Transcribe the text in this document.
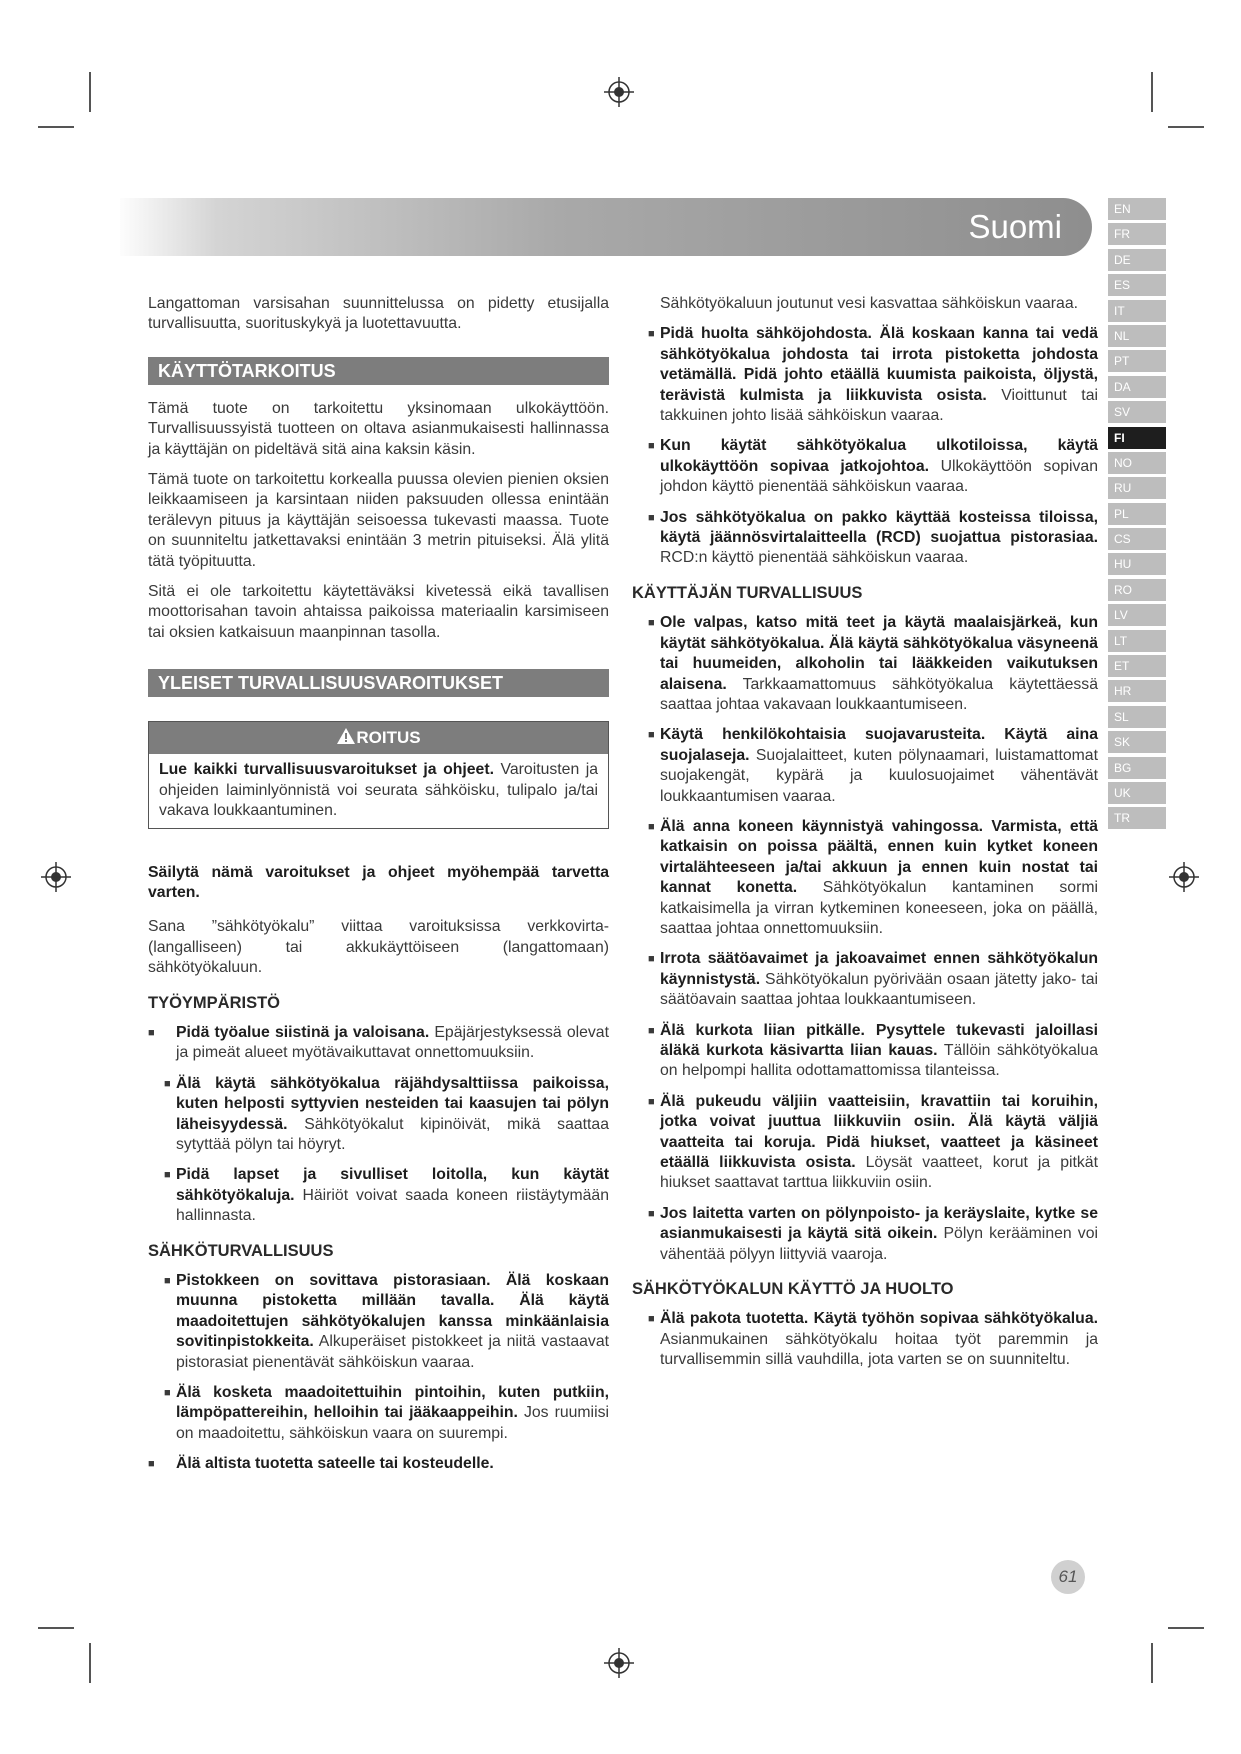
Suomi	EN
FR
DE
ES
IT
NL
PT
DA
SV
FI
NO
RU
PL
CS
HU
RO
LV
LT
ET
HR
SL
SK
BG
UK
TR

Langattoman varsisahan suunnittelussa on pidetty etusijalla turvallisuutta, suorituskykyä ja luotettavuutta.

KÄYTTÖTARKOITUS

Tämä tuote on tarkoitettu yksinomaan ulkokäyttöön. Turvallisuussyistä tuotteen on oltava asianmukaisesti hallinnassa ja käyttäjän on pideltävä sitä aina kaksin käsin.

Tämä tuote on tarkoitettu korkealla puussa olevien pienien oksien leikkaamiseen ja karsintaan niiden paksuuden ollessa enintään terälevyn pituus ja käyttäjän seisoessa tukevasti maassa. Tuote on suunniteltu jatkettavaksi enintään 3 metrin pituiseksi. Älä ylitä tätä työpituutta.

Sitä ei ole tarkoitettu käytettäväksi kivetessä eikä tavallisen moottorisahan tavoin ahtaissa paikoissa materiaalin karsimiseen tai oksien katkaisuun maanpinnan tasolla.

YLEISET TURVALLISUUSVAROITUKSET
ROITUS
Lue kaikki turvallisuusvaroitukset ja ohjeet. Varoitusten ja ohjeiden laiminlyönnistä voi seurata sähköisku, tulipalo ja/tai vakava loukkaantuminen.

Säilytä nämä varoitukset ja ohjeet myöhempää tarvetta varten.

Sana ”sähkötyökalu” viittaa varoituksissa verkkovirta- (langalliseen) tai akkukäyttöiseen (langattomaan) sähkötyökaluun.

TYÖYMPÄRISTÖ
■ Pidä työalue siistinä ja valoisana. Epäjärjestyksessä olevat ja pimeät alueet myötävaikuttavat onnettomuuksiin.
■ Älä käytä sähkötyökalua räjähdysalttiissa paikoissa, kuten helposti syttyvien nesteiden tai kaasujen tai pölyn läheisyydessä. Sähkötyökalut kipinöivät, mikä saattaa sytyttää pölyn tai höyryt.
■ Pidä lapset ja sivulliset loitolla, kun käytät sähkötyökaluja. Häiriöt voivat saada koneen riistäytymään hallinnasta.
SÄHKÖTURVALLISUUS
■ Pistokkeen on sovittava pistorasiaan. Älä koskaan muunna pistoketta millään tavalla. Älä käytä maadoitettujen sähkötyökalujen kanssa minkäänlaisia sovitinpistokkeita. Alkuperäiset pistokkeet ja niitä vastaavat pistorasiat pienentävät sähköiskun vaaraa.
■ Älä kosketa maadoitettuihin pintoihin, kuten putkiin, lämpöpattereihin, helloihin tai jääkaappeihin. Jos ruumiisi on maadoitettu, sähköiskun vaara on suurempi.
■ Älä altista tuotetta sateelle tai kosteudelle.

Sähkötyökaluun joutunut vesi kasvattaa sähköiskun vaaraa.

■ Pidä huolta sähköjohdosta. Älä koskaan kanna tai vedä sähkötyökalua johdosta tai irrota pistoketta johdosta vetämällä. Pidä johto etäällä kuumista paikoista, öljystä, terävistä kulmista ja liikkuvista osista. Vioittunut tai takkuinen johto lisää sähköiskun vaaraa.
■ Kun käytät sähkötyökalua ulkotiloissa, käytä ulkokäyttöön sopivaa jatkojohtoa. Ulkokäyttöön sopivan johdon käyttö pienentää sähköiskun vaaraa.
■ Jos sähkötyökalua on pakko käyttää kosteissa tiloissa, käytä jäännösvirtalaitteella (RCD) suojattua pistorasiaa. RCD:n käyttö pienentää sähköiskun vaaraa.
KÄYTTÄJÄN TURVALLISUUS
■ Ole valpas, katso mitä teet ja käytä maalaisjärkeä, kun käytät sähkötyökalua. Älä käytä sähkötyökalua väsyneenä tai huumeiden, alkoholin tai lääkkeiden vaikutuksen alaisena. Tarkkaamattomuus sähkötyökalua käytettäessä saattaa johtaa vakavaan loukkaantumiseen.
■ Käytä henkilökohtaisia suojavarusteita. Käytä aina suojalaseja. Suojalaitteet, kuten pölynaamari, luistamattomat suojakengät, kypärä ja kuulosuojaimet vähentävät loukkaantumisen vaaraa.
■ Älä anna koneen käynnistyä vahingossa. Varmista, että katkaisin on poissa päältä, ennen kuin kytket koneen virtalähteeseen ja/tai akkuun ja ennen kuin nostat tai kannat konetta. Sähkötyökalun kantaminen sormi katkaisimella ja virran kytkeminen koneeseen, joka on päällä, saattaa johtaa onnettomuuksiin.
■ Irrota säätöavaimet ja jakoavaimet ennen sähkötyökalun käynnistystä. Sähkötyökalun pyörivään osaan jätetty jako- tai säätöavain saattaa johtaa loukkaantumiseen.
■ Älä kurkota liian pitkälle. Pysyttele tukevasti jaloillasi äläkä kurkota käsivartta liian kauas. Tällöin sähkötyökalua on helpompi hallita odottamattomissa tilanteissa.
■ Älä pukeudu väljiin vaatteisiin, kravattiin tai koruihin, jotka voivat juuttua liikkuviin osiin. Älä käytä väljiä vaatteita tai koruja. Pidä hiukset, vaatteet ja käsineet etäällä liikkuvista osista. Löysät vaatteet, korut ja pitkät hiukset saattavat tarttua liikkuviin osiin.
■ Jos laitetta varten on pölynpoisto- ja keräyslaite, kytke se asianmukaisesti ja käytä sitä oikein. Pölyn kerääminen voi vähentää pölyyn liittyviä vaaroja.
SÄHKÖTYÖKALUN KÄYTTÖ JA HUOLTO
■ Älä pakota tuotetta. Käytä työhön sopivaa sähkötyökalua. Asianmukainen sähkötyökalu hoitaa työt paremmin ja turvallisemmin sillä vauhdilla, jota varten se on suunniteltu.
61
